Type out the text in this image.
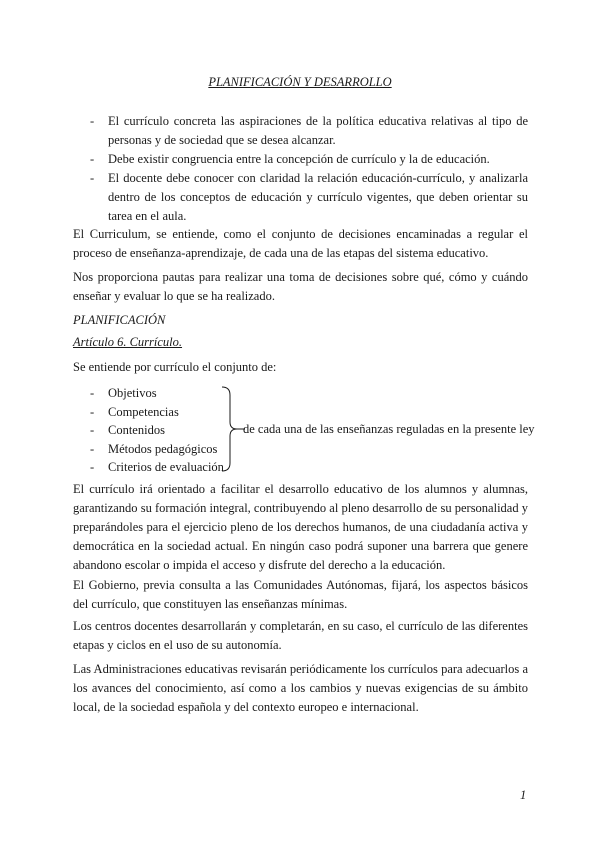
PLANIFICACIÓN Y DESARROLLO
- El currículo concreta las aspiraciones de la política educativa relativas al tipo de personas y de sociedad que se desea alcanzar.
- Debe existir congruencia entre la concepción de currículo y la de educación.
- El docente debe conocer con claridad la relación educación-currículo, y analizarla dentro de los conceptos de educación y currículo vigentes, que deben orientar su tarea en el aula.

El Curriculum, se entiende, como el conjunto de decisiones encaminadas a regular el proceso de enseñanza-aprendizaje, de cada una de las etapas del sistema educativo.

Nos proporciona pautas para realizar una toma de decisiones sobre qué, cómo y cuándo enseñar y evaluar lo que se ha realizado.

PLANIFICACIÓN
Artículo 6. Currículo.

Se entiende por currículo el conjunto de:

- Objetivos
- Competencias
- Contenidos
- Métodos pedagógicos
- Criterios de evaluación

de cada una de las enseñanzas reguladas en la presente ley

El currículo irá orientado a facilitar el desarrollo educativo de los alumnos y alumnas, garantizando su formación integral, contribuyendo al pleno desarrollo de su personalidad y preparándoles para el ejercicio pleno de los derechos humanos, de una ciudadanía activa y democrática en la sociedad actual. En ningún caso podrá suponer una barrera que genere abandono escolar o impida el acceso y disfrute del derecho a la educación.

El Gobierno, previa consulta a las Comunidades Autónomas, fijará, los aspectos básicos del currículo, que constituyen las enseñanzas mínimas.

Los centros docentes desarrollarán y completarán, en su caso, el currículo de las diferentes etapas y ciclos en el uso de su autonomía.

Las Administraciones educativas revisarán periódicamente los currículos para adecuarlos a los avances del conocimiento, así como a los cambios y nuevas exigencias de su ámbito local, de la sociedad española y del contexto europeo e internacional.

1
